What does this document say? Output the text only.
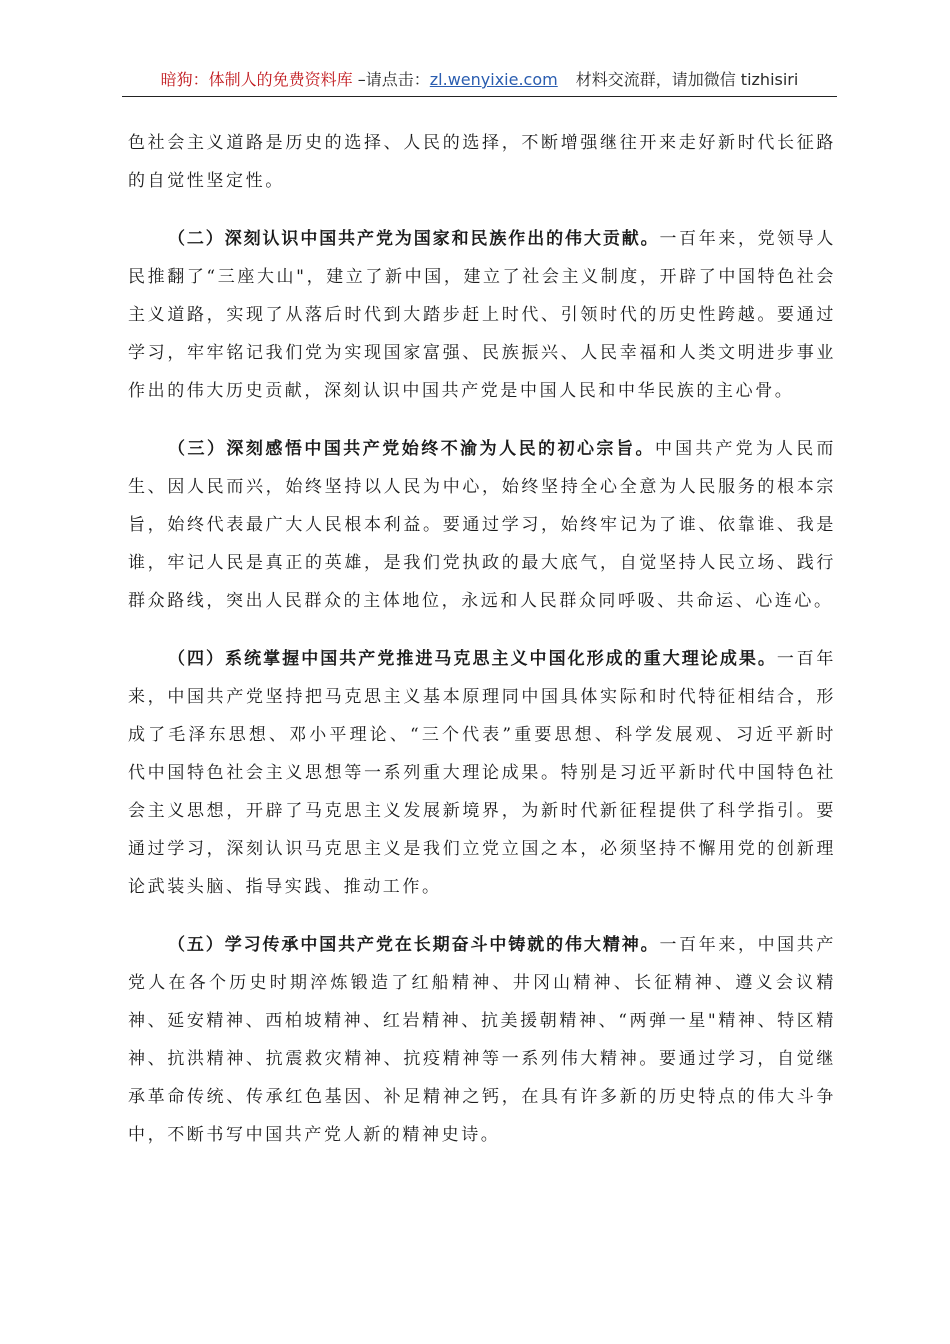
暗狗：体制人的免费资料库 –请点击：zl.wenyixie.com 材料交流群，请加微信 tizhisiri

色社会主义道路是历史的选择、人民的选择，不断增强继往开来走好新时代长征路的自觉性坚定性。

（二）深刻认识中国共产党为国家和民族作出的伟大贡献。一百年来，党领导人民推翻了“三座大山"，建立了新中国，建立了社会主义制度，开辟了中国特色社会主义道路，实现了从落后时代到大踏步赶上时代、引领时代的历史性跨越。要通过学习，牢牢铭记我们党为实现国家富强、民族振兴、人民幸福和人类文明进步事业作出的伟大历史贡献，深刻认识中国共产党是中国人民和中华民族的主心骨。

（三）深刻感悟中国共产党始终不渝为人民的初心宗旨。中国共产党为人民而生、因人民而兴，始终坚持以人民为中心，始终坚持全心全意为人民服务的根本宗旨，始终代表最广大人民根本利益。要通过学习，始终牢记为了谁、依靠谁、我是谁，牢记人民是真正的英雄，是我们党执政的最大底气，自觉坚持人民立场、践行群众路线，突出人民群众的主体地位，永远和人民群众同呼吸、共命运、心连心。

（四）系统掌握中国共产党推进马克思主义中国化形成的重大理论成果。一百年来，中国共产党坚持把马克思主义基本原理同中国具体实际和时代特征相结合，形成了毛泽东思想、邓小平理论、“三个代表”重要思想、科学发展观、习近平新时代中国特色社会主义思想等一系列重大理论成果。特别是习近平新时代中国特色社会主义思想，开辟了马克思主义发展新境界，为新时代新征程提供了科学指引。要通过学习，深刻认识马克思主义是我们立党立国之本，必须坚持不懈用党的创新理论武装头脑、指导实践、推动工作。

（五）学习传承中国共产党在长期奋斗中铸就的伟大精神。一百年来，中国共产党人在各个历史时期淬炼锻造了红船精神、井冈山精神、长征精神、遵义会议精神、延安精神、西柏坡精神、红岩精神、抗美援朝精神、“两弹一星"精神、特区精神、抗洪精神、抗震救灾精神、抗疫精神等一系列伟大精神。要通过学习，自觉继承革命传统、传承红色基因、补足精神之钙，在具有许多新的历史特点的伟大斗争中，不断书写中国共产党人新的精神史诗。
